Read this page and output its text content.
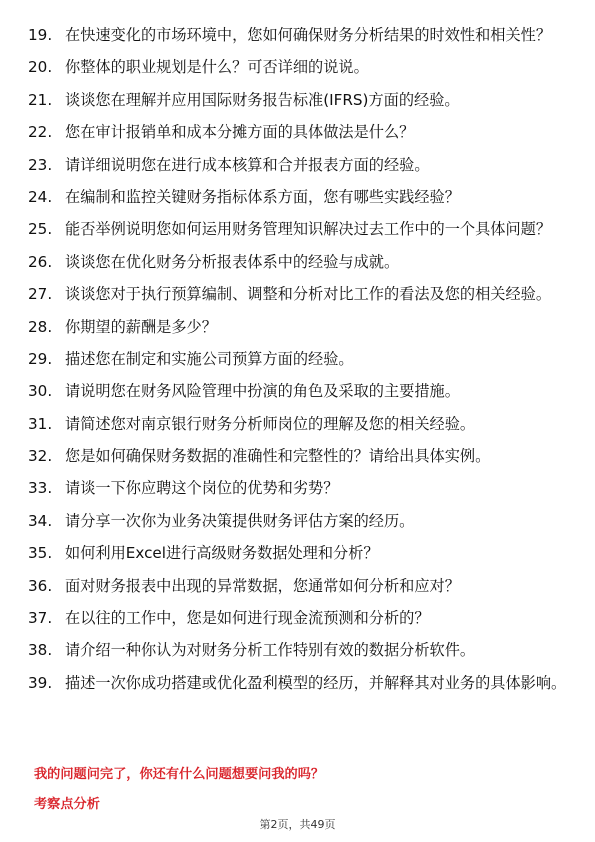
19. 在快速变化的市场环境中，您如何确保财务分析结果的时效性和相关性？
20. 你整体的职业规划是什么？可否详细的说说。
21. 谈谈您在理解并应用国际财务报告标准(IFRS)方面的经验。
22. 您在审计报销单和成本分摊方面的具体做法是什么？
23. 请详细说明您在进行成本核算和合并报表方面的经验。
24. 在编制和监控关键财务指标体系方面，您有哪些实践经验？
25. 能否举例说明您如何运用财务管理知识解决过去工作中的一个具体问题？
26. 谈谈您在优化财务分析报表体系中的经验与成就。
27. 谈谈您对于执行预算编制、调整和分析对比工作的看法及您的相关经验。
28. 你期望的薪酬是多少？
29. 描述您在制定和实施公司预算方面的经验。
30. 请说明您在财务风险管理中扮演的角色及采取的主要措施。
31. 请简述您对南京银行财务分析师岗位的理解及您的相关经验。
32. 您是如何确保财务数据的准确性和完整性的？请给出具体实例。
33. 请谈一下你应聘这个岗位的优势和劣势？
34. 请分享一次你为业务决策提供财务评估方案的经历。
35. 如何利用Excel进行高级财务数据处理和分析？
36. 面对财务报表中出现的异常数据，您通常如何分析和应对？
37. 在以往的工作中，您是如何进行现金流预测和分析的？
38. 请介绍一种你认为对财务分析工作特别有效的数据分析软件。
39. 描述一次你成功搭建或优化盈利模型的经历，并解释其对业务的具体影响。
我的问题问完了，你还有什么问题想要问我的吗？
考察点分析
第2页，共49页
